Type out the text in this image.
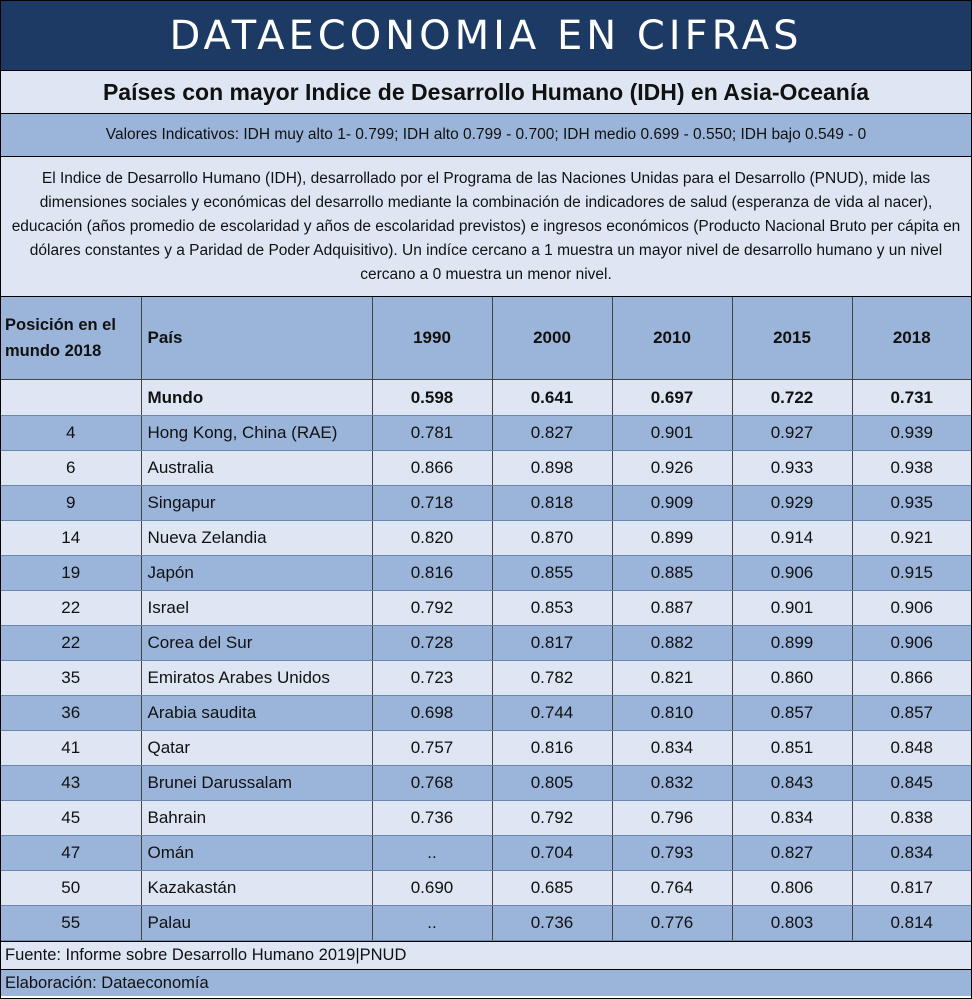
DATAECONOMIA EN CIFRAS
Países con mayor Indice de Desarrollo Humano (IDH) en Asia-Oceanía
Valores Indicativos: IDH muy alto 1- 0.799; IDH alto 0.799 - 0.700; IDH medio 0.699 - 0.550; IDH bajo 0.549 - 0
El Indice de Desarrollo Humano (IDH), desarrollado por el Programa de las Naciones Unidas para el Desarrollo (PNUD), mide las dimensiones sociales y económicas del desarrollo mediante la combinación de indicadores de salud (esperanza de vida al nacer), educación (años promedio de escolaridad y años de escolaridad previstos) e ingresos económicos (Producto Nacional Bruto per cápita en dólares constantes y a Paridad de Poder Adquisitivo). Un indíce cercano a 1 muestra un mayor nivel de desarrollo humano y un nivel cercano a 0 muestra un menor nivel.
Posición en el mundo 2018	País	1990	2000	2010	2015	2018
	Mundo	0.598	0.641	0.697	0.722	0.731
4	Hong Kong, China (RAE)	0.781	0.827	0.901	0.927	0.939
6	Australia	0.866	0.898	0.926	0.933	0.938
9	Singapur	0.718	0.818	0.909	0.929	0.935
14	Nueva Zelandia	0.820	0.870	0.899	0.914	0.921
19	Japón	0.816	0.855	0.885	0.906	0.915
22	Israel	0.792	0.853	0.887	0.901	0.906
22	Corea del Sur	0.728	0.817	0.882	0.899	0.906
35	Emiratos Arabes Unidos	0.723	0.782	0.821	0.860	0.866
36	Arabia saudita	0.698	0.744	0.810	0.857	0.857
41	Qatar	0.757	0.816	0.834	0.851	0.848
43	Brunei Darussalam	0.768	0.805	0.832	0.843	0.845
45	Bahrain	0.736	0.792	0.796	0.834	0.838
47	Omán	..	0.704	0.793	0.827	0.834
50	Kazakastán	0.690	0.685	0.764	0.806	0.817
55	Palau	..	0.736	0.776	0.803	0.814
Fuente: Informe sobre Desarrollo Humano 2019|PNUD
Elaboración: Dataeconomía
